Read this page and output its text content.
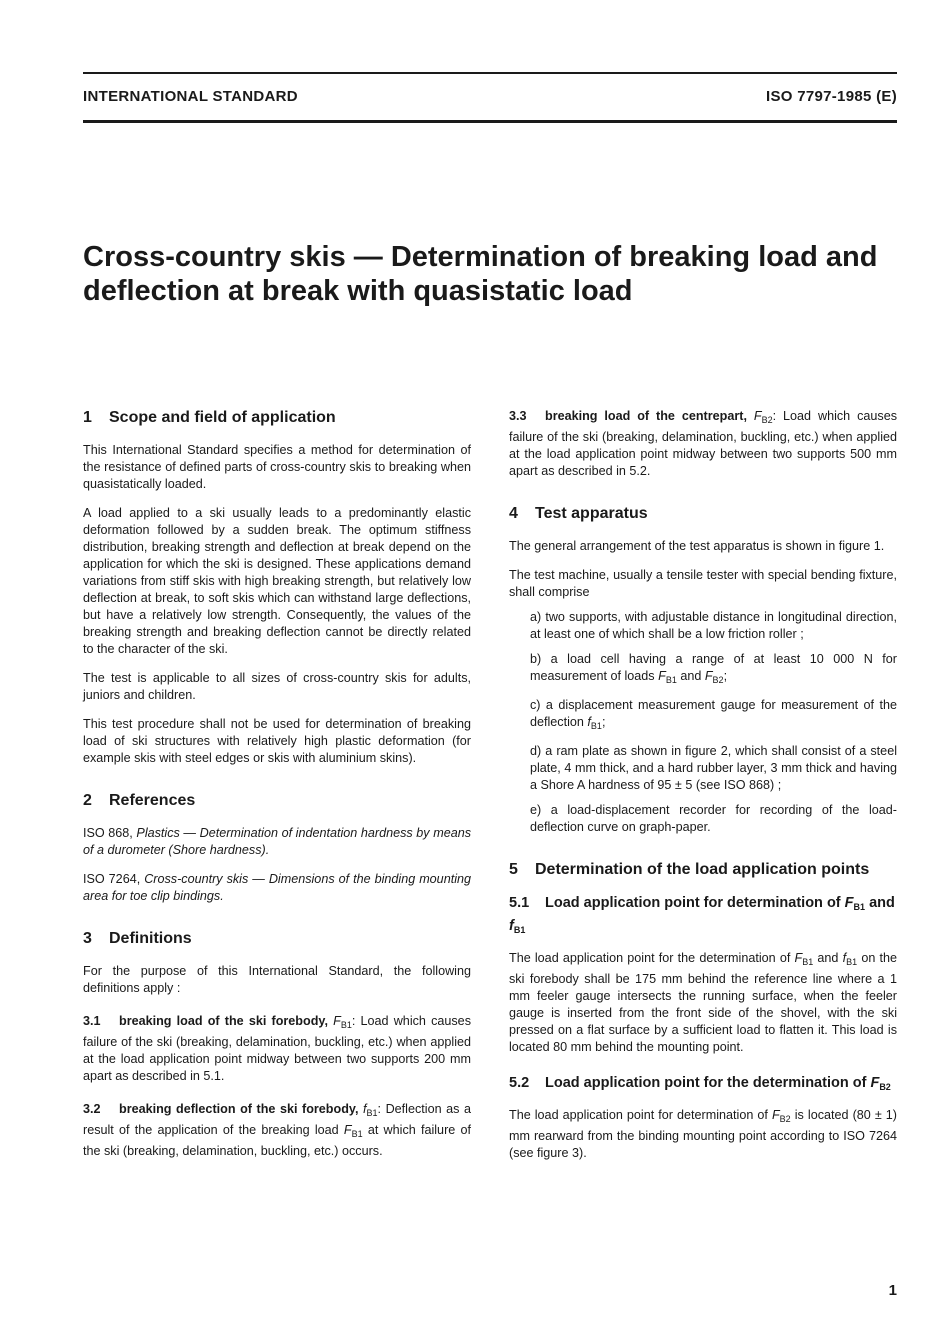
INTERNATIONAL STANDARD	ISO 7797-1985 (E)
Cross-country skis — Determination of breaking load and deflection at break with quasistatic load
1 Scope and field of application

This International Standard specifies a method for determination of the resistance of defined parts of cross-country skis to breaking when quasistatically loaded.

A load applied to a ski usually leads to a predominantly elastic deformation followed by a sudden break. The optimum stiffness distribution, breaking strength and deflection at break depend on the application for which the ski is designed. These applications demand variations from stiff skis with high breaking strength, but relatively low deflection at break, to soft skis which can withstand large deflections, but have a relatively low strength. Consequently, the values of the breaking strength and breaking deflection cannot be directly related to the character of the ski.

The test is applicable to all sizes of cross-country skis for adults, juniors and children.

This test procedure shall not be used for determination of breaking load of ski structures with relatively high plastic deformation (for example skis with steel edges or skis with aluminium skins).

2 References

ISO 868, Plastics — Determination of indentation hardness by means of a durometer (Shore hardness).

ISO 7264, Cross-country skis — Dimensions of the binding mounting area for toe clip bindings.

3 Definitions

For the purpose of this International Standard, the following definitions apply :

3.1 breaking load of the ski forebody, $F_{B1}$: Load which causes failure of the ski (breaking, delamination, buckling, etc.) when applied at the load application point midway between two supports 200 mm apart as described in 5.1.

3.2 breaking deflection of the ski forebody, $f_{B1}$: Deflection as a result of the application of the breaking load $F_{B1}$ at which failure of the ski (breaking, delamination, buckling, etc.) occurs.

3.3 breaking load of the centrepart, $F_{B2}$: Load which causes failure of the ski (breaking, delamination, buckling, etc.) when applied at the load application point midway between two supports 500 mm apart as described in 5.2.

4 Test apparatus

The general arrangement of the test apparatus is shown in figure 1.

The test machine, usually a tensile tester with special bending fixture, shall comprise

a) two supports, with adjustable distance in longitudinal direction, at least one of which shall be a low friction roller ;

b) a load cell having a range of at least 10 000 N for measurement of loads $F_{B1}$ and $F_{B2}$;

c) a displacement measurement gauge for measurement of the deflection $f_{B1}$;

d) a ram plate as shown in figure 2, which shall consist of a steel plate, 4 mm thick, and a hard rubber layer, 3 mm thick and having a Shore A hardness of 95 ± 5 (see ISO 868) ;

e) a load-displacement recorder for recording of the load-deflection curve on graph-paper.

5	Determination of the load application points
5.1 Load application point for determination of $F_{B1}$ and $f_{B1}$

The load application point for the determination of $F_{B1}$ and $f_{B1}$ on the ski forebody shall be 175 mm behind the reference line where a 1 mm feeler gauge intersects the running surface, when the feeler gauge is inserted from the front side of the shovel, with the ski pressed on a flat surface by a sufficient load to flatten it. This load is located 80 mm behind the mounting point.

5.2 Load application point for the determination of $F_{B2}$

The load application point for determination of $F_{B2}$ is located (80 ± 1) mm rearward from the binding mounting point according to ISO 7264 (see figure 3).

1
